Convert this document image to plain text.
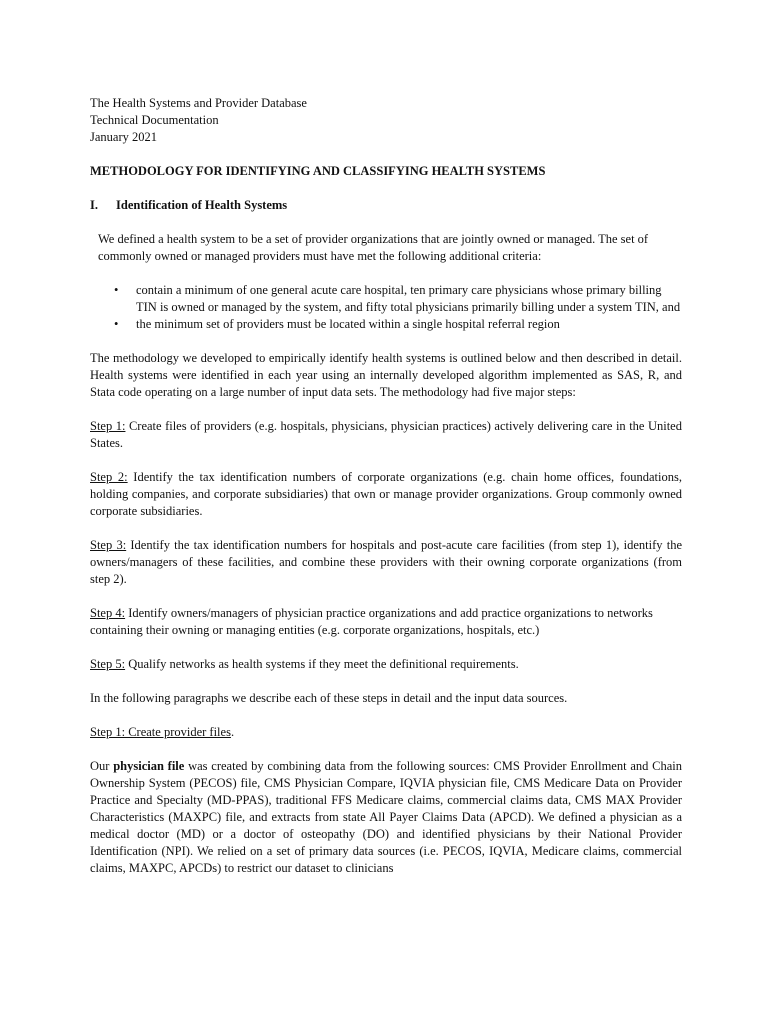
The Health Systems and Provider Database
Technical Documentation
January 2021
METHODOLOGY FOR IDENTIFYING AND CLASSIFYING HEALTH SYSTEMS
I.	Identification of Health Systems
We defined a health system to be a set of provider organizations that are jointly owned or managed. The set of commonly owned or managed providers must have met the following additional criteria:
• contain a minimum of one general acute care hospital, ten primary care physicians whose primary billing TIN is owned or managed by the system, and fifty total physicians primarily billing under a system TIN, and
• the minimum set of providers must be located within a single hospital referral region

The methodology we developed to empirically identify health systems is outlined below and then described in detail. Health systems were identified in each year using an internally developed algorithm implemented as SAS, R, and Stata code operating on a large number of input data sets. The methodology had five major steps:

Step 1: Create files of providers (e.g. hospitals, physicians, physician practices) actively delivering care in the United States.

Step 2: Identify the tax identification numbers of corporate organizations (e.g. chain home offices, foundations, holding companies, and corporate subsidiaries) that own or manage provider organizations. Group commonly owned corporate subsidiaries.

Step 3: Identify the tax identification numbers for hospitals and post-acute care facilities (from step 1), identify the owners/managers of these facilities, and combine these providers with their owning corporate organizations (from step 2).

Step 4: Identify owners/managers of physician practice organizations and add practice organizations to networks containing their owning or managing entities (e.g. corporate organizations, hospitals, etc.)

Step 5: Qualify networks as health systems if they meet the definitional requirements.

In the following paragraphs we describe each of these steps in detail and the input data sources.

Step 1: Create provider files.

Our physician file was created by combining data from the following sources: CMS Provider Enrollment and Chain Ownership System (PECOS) file, CMS Physician Compare, IQVIA physician file, CMS Medicare Data on Provider Practice and Specialty (MD-PPAS), traditional FFS Medicare claims, commercial claims data, CMS MAX Provider Characteristics (MAXPC) file, and extracts from state All Payer Claims Data (APCD). We defined a physician as a medical doctor (MD) or a doctor of osteopathy (DO) and identified physicians by their National Provider Identification (NPI). We relied on a set of primary data sources (i.e. PECOS, IQVIA, Medicare claims, commercial claims, MAXPC, APCDs) to restrict our dataset to clinicians
